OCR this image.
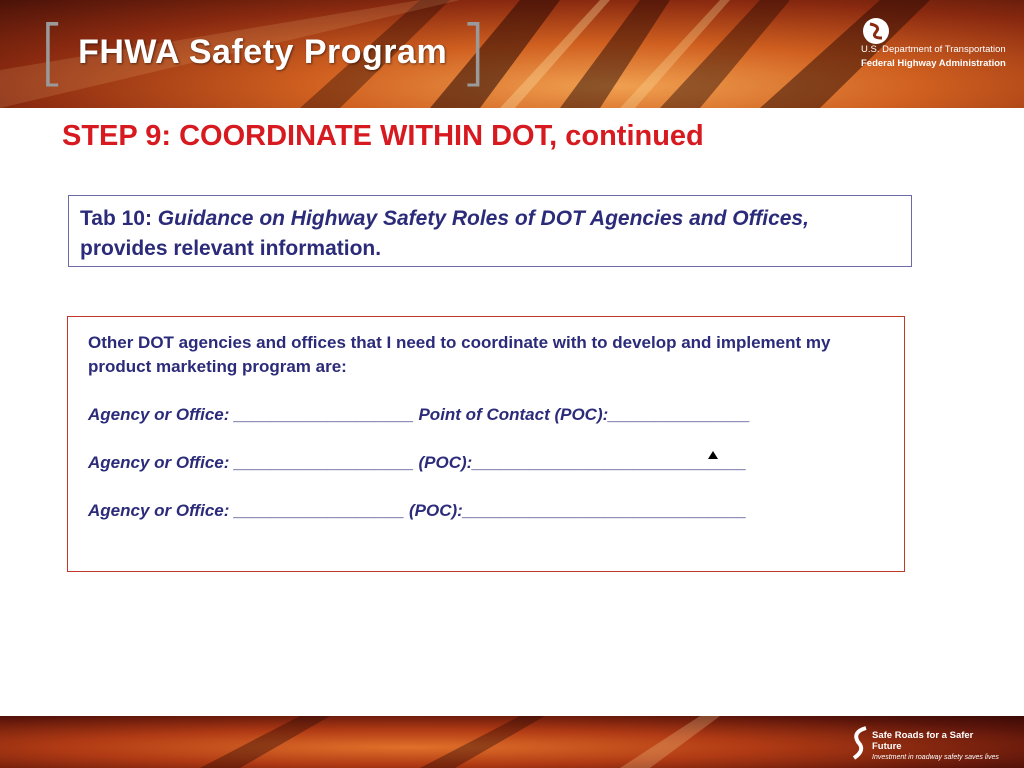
[ FHWA Safety Program ]	U.S. Department of Transportation
Federal Highway Administration
STEP 9: COORDINATE WITHIN DOT, continued
Tab 10: Guidance on Highway Safety Roles of DOT Agencies and Offices, provides relevant information.
Other DOT agencies and offices that I need to coordinate with to develop and implement my product marketing program are:
Agency or Office: ___________________ Point of Contact (POC):_______________
Agency or Office: ___________________ (POC):_____________________________
Agency or Office: __________________ (POC):______________________________
Safe Roads for a Safer Future
Investment in roadway safety saves lives
